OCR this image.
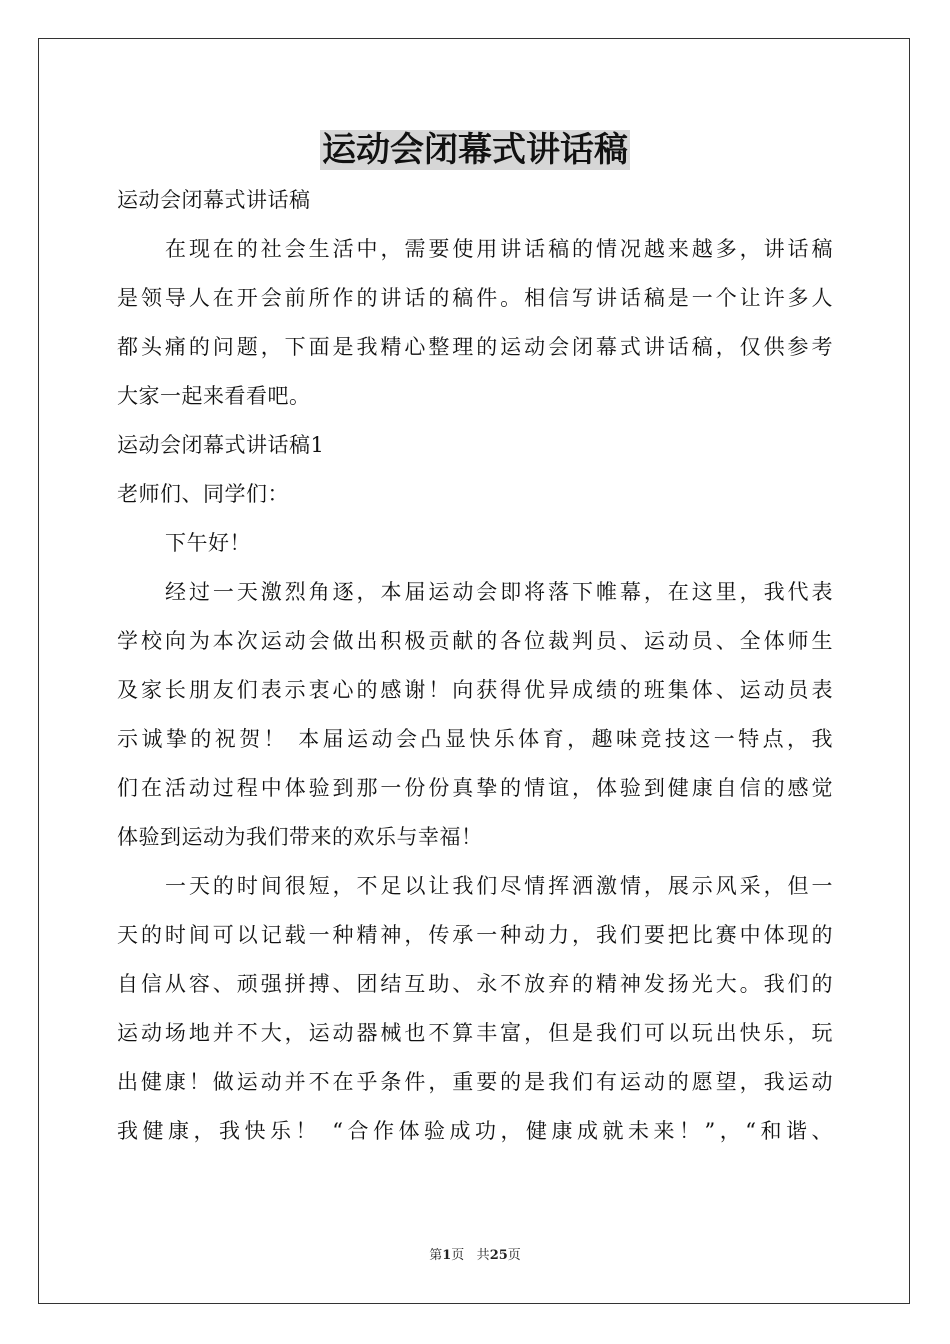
运动会闭幕式讲话稿
运动会闭幕式讲话稿
在现在的社会生活中，需要使用讲话稿的情况越来越多，讲话稿
是领导人在开会前所作的讲话的稿件。相信写讲话稿是一个让许多人
都头痛的问题，下面是我精心整理的运动会闭幕式讲话稿，仅供参考
大家一起来看看吧。
运动会闭幕式讲话稿1
老师们、同学们：
下午好！
经过一天激烈角逐，本届运动会即将落下帷幕，在这里，我代表
学校向为本次运动会做出积极贡献的各位裁判员、运动员、全体师生
及家长朋友们表示衷心的感谢！向获得优异成绩的班集体、运动员表
示诚挚的祝贺！ 本届运动会凸显快乐体育，趣味竞技这一特点，我
们在活动过程中体验到那一份份真挚的情谊，体验到健康自信的感觉
体验到运动为我们带来的欢乐与幸福！
一天的时间很短，不足以让我们尽情挥洒激情，展示风采，但一
天的时间可以记载一种精神，传承一种动力，我们要把比赛中体现的
自信从容、顽强拼搏、团结互助、永不放弃的精神发扬光大。我们的
运动场地并不大，运动器械也不算丰富，但是我们可以玩出快乐，玩
出健康！做运动并不在乎条件，重要的是我们有运动的愿望，我运动
我健康，我快乐！ “合作体验成功，健康成就未来！”，“和谐、
第1页 共25页
